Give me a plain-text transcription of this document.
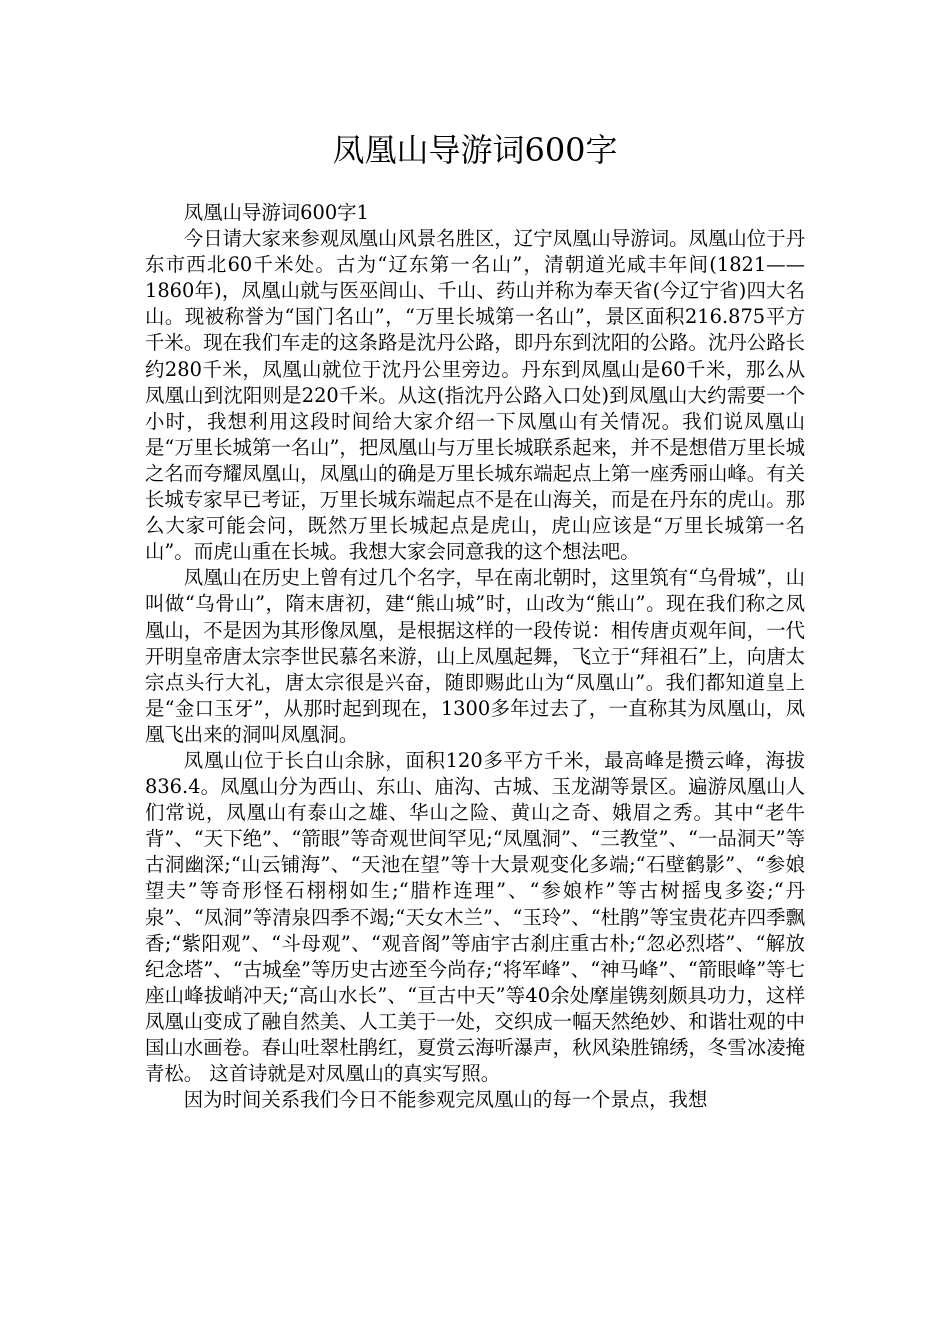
凤凰山导游词600字

凤凰山导游词600字1

今日请大家来参观凤凰山风景名胜区，辽宁凤凰山导游词。凤凰山位于丹东市西北60千米处。古为“辽东第一名山”，清朝道光咸丰年间(1821——1860年)，凤凰山就与医巫闾山、千山、药山并称为奉天省(今辽宁省)四大名山。现被称誉为“国门名山”，“万里长城第一名山”，景区面积216.875平方千米。现在我们车走的这条路是沈丹公路，即丹东到沈阳的公路。沈丹公路长约280千米，凤凰山就位于沈丹公里旁边。丹东到凤凰山是60千米，那么从凤凰山到沈阳则是220千米。从这(指沈丹公路入口处)到凤凰山大约需要一个小时，我想利用这段时间给大家介绍一下凤凰山有关情况。我们说凤凰山是“万里长城第一名山”，把凤凰山与万里长城联系起来，并不是想借万里长城之名而夸耀凤凰山，凤凰山的确是万里长城东端起点上第一座秀丽山峰。有关长城专家早已考证，万里长城东端起点不是在山海关，而是在丹东的虎山。那么大家可能会问，既然万里长城起点是虎山，虎山应该是“万里长城第一名山”。而虎山重在长城。我想大家会同意我的这个想法吧。

凤凰山在历史上曾有过几个名字，早在南北朝时，这里筑有“乌骨城”，山叫做“乌骨山”，隋末唐初，建“熊山城”时，山改为“熊山”。现在我们称之凤凰山，不是因为其形像凤凰，是根据这样的一段传说：相传唐贞观年间，一代开明皇帝唐太宗李世民慕名来游，山上凤凰起舞，飞立于“拜祖石”上，向唐太宗点头行大礼，唐太宗很是兴奋，随即赐此山为“凤凰山”。我们都知道皇上是“金口玉牙”，从那时起到现在，1300多年过去了，一直称其为凤凰山，凤凰飞出来的洞叫凤凰洞。

凤凰山位于长白山余脉，面积120多平方千米，最高峰是攒云峰，海拔836.4。凤凰山分为西山、东山、庙沟、古城、玉龙湖等景区。遍游凤凰山人们常说，凤凰山有泰山之雄、华山之险、黄山之奇、娥眉之秀。其中“老牛背”、“天下绝”、“箭眼”等奇观世间罕见;“凤凰洞”、“三教堂”、“一品洞天”等古洞幽深;“山云铺海”、“天池在望”等十大景观变化多端;“石壁鹤影”、“参娘望夫”等奇形怪石栩栩如生;“腊柞连理”、“参娘柞”等古树摇曳多姿;“丹泉”、“凤洞”等清泉四季不竭;“天女木兰”、“玉玲”、“杜鹃”等宝贵花卉四季飘香;“紫阳观”、“斗母观”、“观音阁”等庙宇古刹庄重古朴;“忽必烈塔”、“解放纪念塔”、“古城垒”等历史古迹至今尚存;“将军峰”、“神马峰”、“箭眼峰”等七座山峰拔峭冲天;“高山水长”、“亘古中天”等40余处摩崖镌刻颇具功力，这样凤凰山变成了融自然美、人工美于一处，交织成一幅天然绝妙、和谐壮观的中国山水画卷。春山吐翠杜鹃红，夏赏云海听瀑声，秋风染胜锦绣，冬雪冰凌掩青松。 这首诗就是对凤凰山的真实写照。

因为时间关系我们今日不能参观完凤凰山的每一个景点，我想
